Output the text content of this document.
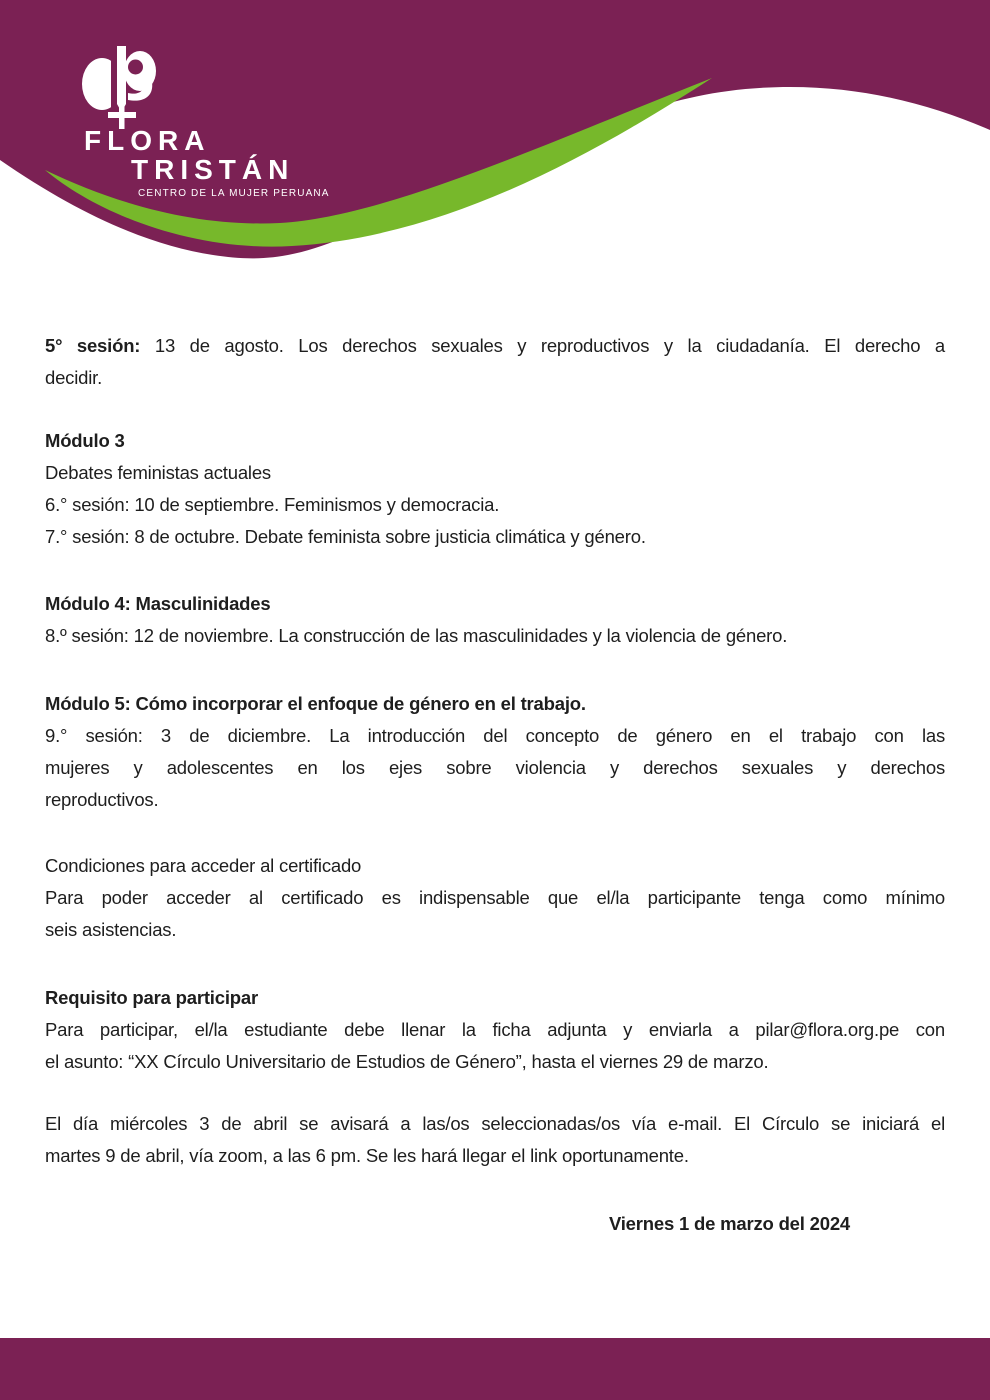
FLORA
TRISTÁN
CENTRO DE LA MUJER PERUANA
5° sesión: 13 de agosto. Los derechos sexuales y reproductivos y la ciudadanía. El derecho a
decidir.
Módulo 3
Debates feministas actuales
6.° sesión: 10 de septiembre. Feminismos y democracia.
7.° sesión: 8 de octubre. Debate feminista sobre justicia climática y género.
Módulo 4: Masculinidades
8.º sesión: 12 de noviembre. La construcción de las masculinidades y la violencia de género.
Módulo 5: Cómo incorporar el enfoque de género en el trabajo.
9.° sesión: 3 de diciembre. La introducción del concepto de género en el trabajo con las
mujeres y adolescentes en los ejes sobre violencia y derechos sexuales y derechos
reproductivos.
Condiciones para acceder al certificado
Para poder acceder al certificado es indispensable que el/la participante tenga como mínimo
seis asistencias.
Requisito para participar
Para participar, el/la estudiante debe llenar la ficha adjunta y enviarla a pilar@flora.org.pe con
el asunto: “XX Círculo Universitario de Estudios de Género”, hasta el viernes 29 de marzo.
El día miércoles 3 de abril se avisará a las/os seleccionadas/os vía e-mail. El Círculo se iniciará el
martes 9 de abril, vía zoom, a las 6 pm. Se les hará llegar el link oportunamente.
Viernes 1 de marzo del 2024
